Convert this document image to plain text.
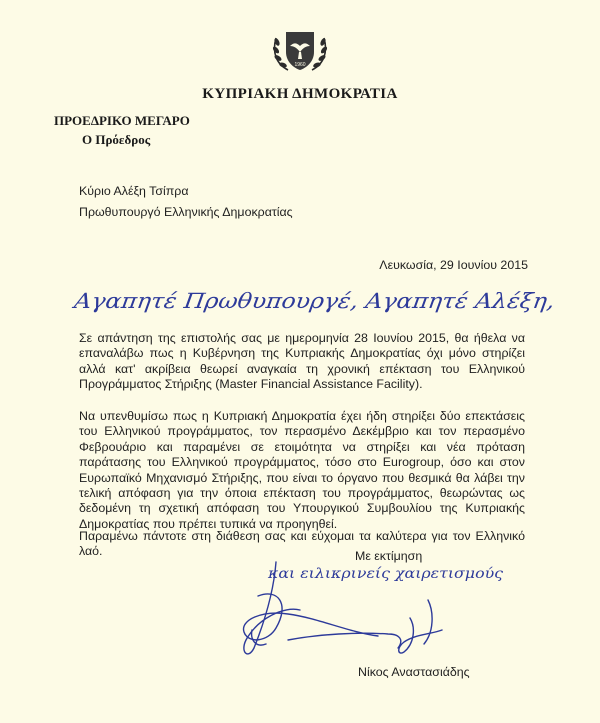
1960
ΚΥΠΡΙΑΚΗ ΔΗΜΟΚΡΑΤΙΑ
ΠΡΟΕΔΡΙΚΟ ΜΕΓΑΡΟ
Ο Πρόεδρος
Κύριο Αλέξη Τσίπρα
Πρωθυπουργό Ελληνικής Δημοκρατίας
Λευκωσία, 29 Ιουνίου 2015
Αγαπητέ Πρωθυπουργέ, Αγαπητέ Αλέξη,

Σε απάντηση της επιστολής σας με ημερομηνία 28 Ιουνίου 2015, θα ήθελα να επαναλάβω πως η Κυβέρνηση της Κυπριακής Δημοκρατίας όχι μόνο στηρίζει αλλά κατ' ακρίβεια θεωρεί αναγκαία τη χρονική επέκταση του Ελληνικού Προγράμματος Στήριξης (Master Financial Assistance Facility).

Να υπενθυμίσω πως η Κυπριακή Δημοκρατία έχει ήδη στηρίξει δύο επεκτάσεις του Ελληνικού προγράμματος, τον περασμένο Δεκέμβριο και τον περασμένο Φεβρουάριο και παραμένει σε ετοιμότητα να στηρίξει και νέα πρόταση παράτασης του Ελληνικού προγράμματος, τόσο στο Eurogroup, όσο και στον Ευρωπαϊκό Μηχανισμό Στήριξης, που είναι το όργανο που θεσμικά θα λάβει την τελική απόφαση για την όποια επέκταση του προγράμματος, θεωρώντας ως δεδομένη τη σχετική απόφαση του Υπουργικού Συμβουλίου της Κυπριακής Δημοκρατίας που πρέπει τυπικά να προηγηθεί.

Παραμένω πάντοτε στη διάθεση σας και εύχομαι τα καλύτερα για τον Ελληνικό λαό.	Με εκτίμηση
και ειλικρινείς χαιρετισμούς
Νίκος Αναστασιάδης
